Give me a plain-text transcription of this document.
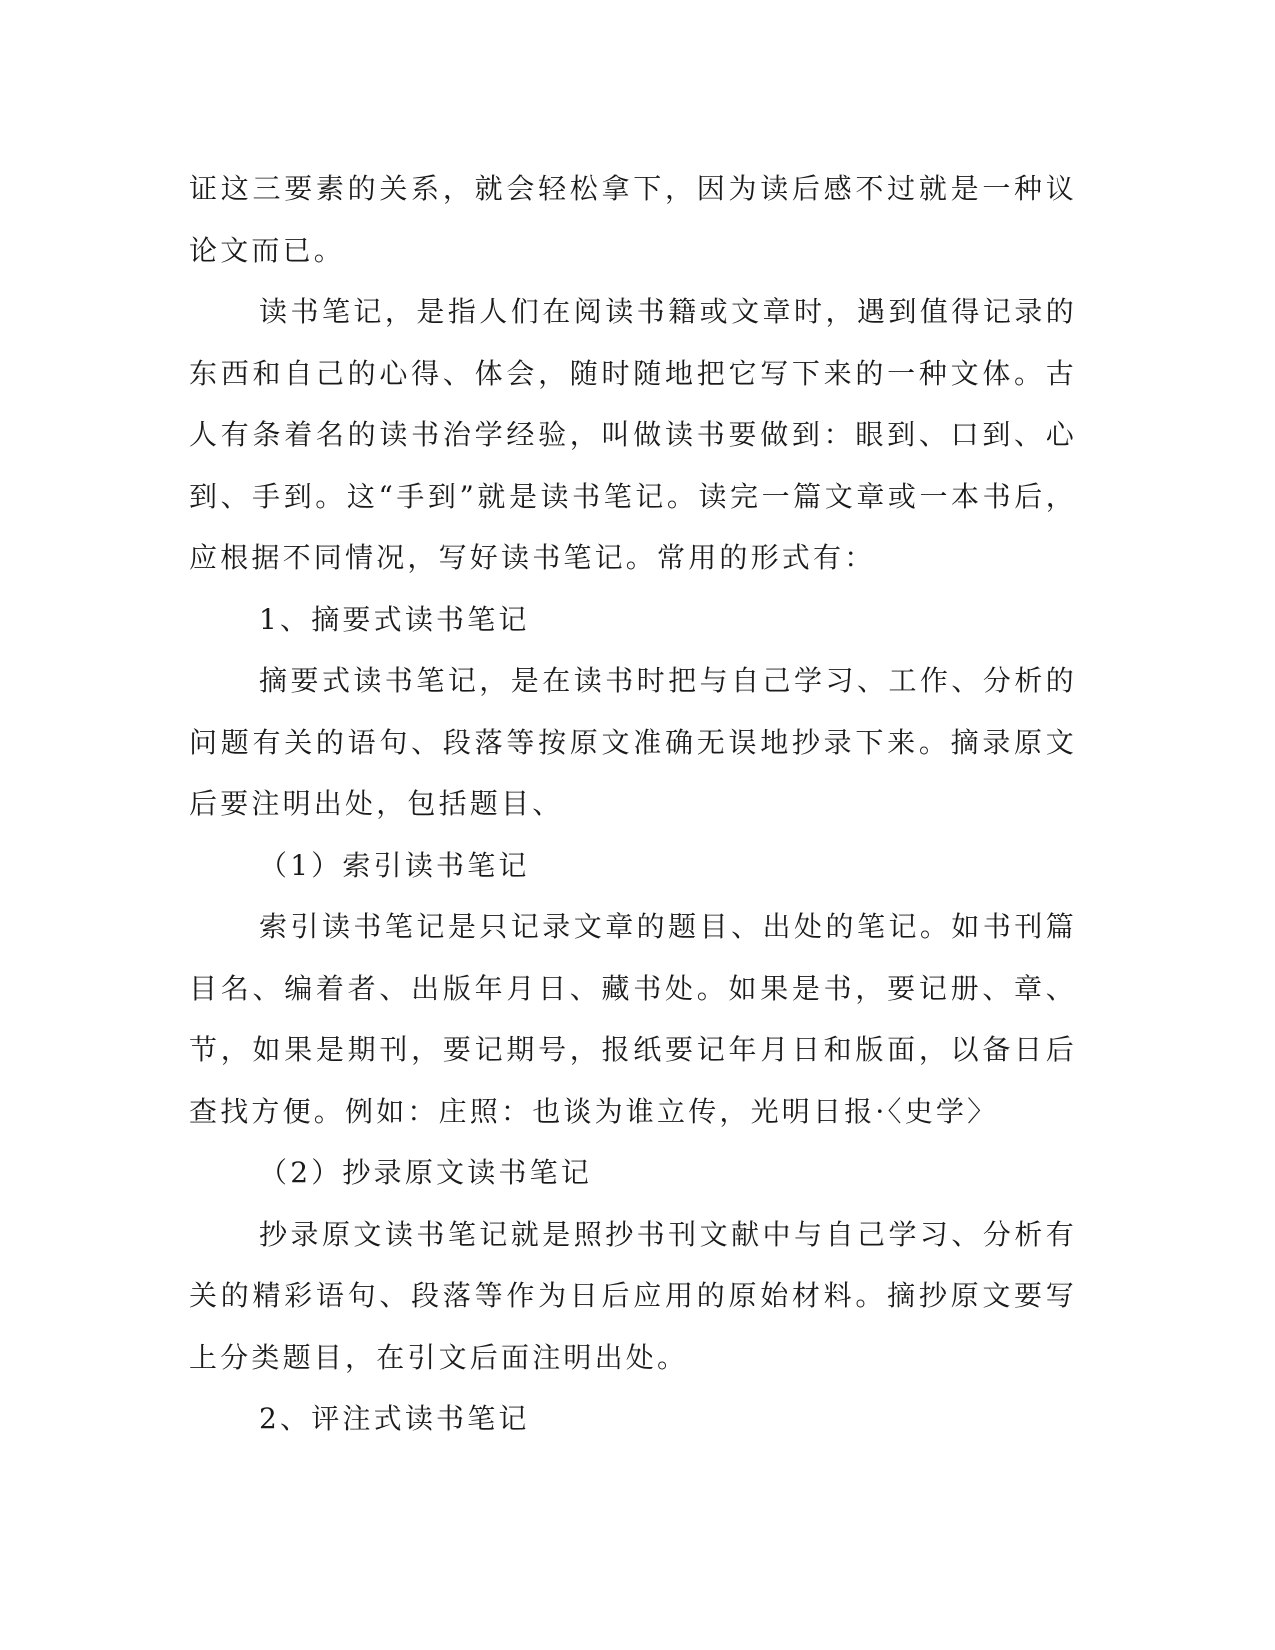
证这三要素的关系，就会轻松拿下，因为读后感不过就是一种议论文而已。

读书笔记，是指人们在阅读书籍或文章时，遇到值得记录的东西和自己的心得、体会，随时随地把它写下来的一种文体。古人有条着名的读书治学经验，叫做读书要做到：眼到、口到、心到、手到。这“手到”就是读书笔记。读完一篇文章或一本书后，应根据不同情况，写好读书笔记。常用的形式有：

1、摘要式读书笔记

摘要式读书笔记，是在读书时把与自己学习、工作、分析的问题有关的语句、段落等按原文准确无误地抄录下来。摘录原文后要注明出处，包括题目、

（1）索引读书笔记

索引读书笔记是只记录文章的题目、出处的笔记。如书刊篇目名、编着者、出版年月日、藏书处。如果是书，要记册、章、节，如果是期刊，要记期号，报纸要记年月日和版面，以备日后查找方便。例如：庄照：也谈为谁立传，光明日报·〈史学〉

（2）抄录原文读书笔记

抄录原文读书笔记就是照抄书刊文献中与自己学习、分析有关的精彩语句、段落等作为日后应用的原始材料。摘抄原文要写上分类题目，在引文后面注明出处。

2、评注式读书笔记
